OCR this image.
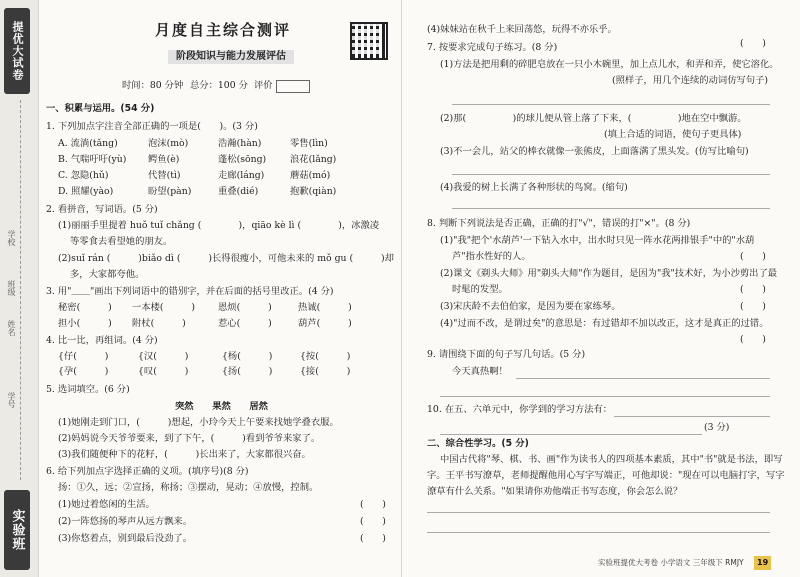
提优大试卷
学校
班级
姓名
学号
实验班
月度自主综合测评
阶段知识与能力发展评估
时间：80 分钟 总分：100 分 评价
一、积累与运用。(54 分)
1. 下列加点字注音全部正确的一项是(　　)。(3 分)
A. 流淌(tǎng)	泡沫(mò)	浩瀚(hàn)	零售(lìn)
B. 气喘吁吁(yù) 鳄鱼(è)	蓬松(sōng)	浪花(lǎng)
C. 忽隐(hǔ)	代替(tì)	走廊(láng)	蘑菇(mó)
D. 照耀(yào)	盼望(pàn)	重叠(dié)	抱歉(qiàn)
2. 看拼音，写词语。(5 分)
(1)丽丽手里提着 huǒ tuǐ chǎng (　　　　)，qiāo kè lì (　　　　)，冰激凌
等零食去看望她的朋友。
(2)suǐ rán (　　　)biǎo dì (　　　)长得很瘦小，可他未来的 mǒ gu (　　　)却
多，大家都夸他。
3. 用"＿＿"画出下列词语中的错别字，并在后面的括号里改正。(4 分)
秘密(　　　) 一本楼(　　　) 恩烦(　　　)	热诚(　　　)
担小(　　　) 附杖(　　　)	惹心(　　　)	葫芦(　　　)
4. 比一比，再组词。(4 分)
{仔(　　　)	{汉(　　　)	{杨(　　　)	{按(　　　)
{孕(　　　)	{叹(　　　)	{扬(　　　)	{接(　　　)
5. 选词填空。(6 分)
突然　　果然　　居然
(1)她刚走到门口，(　　　)想起，小玲今天上午要来找她学叠衣服。
(2)妈妈说今天爷爷要来，到了下午，(　　　)看到爷爷来家了。
(3)我们随便种下的花籽，(　　　)长出来了，大家都很兴奋。
6. 给下列加点字选择正确的义项。(填序号)(8 分)
扬：①久，远；②宣扬，称扬；③摆动，晃动；④放慢，控制。
(1)她过着悠闲的生活。	(　　)
(2)一阵悠扬的琴声从远方飘来。	(　　)
(3)你悠着点，别到最后没劲了。	(　　)
(4)妹妹站在秋千上来回荡悠，玩得不亦乐乎。
(　　)
7. 按要求完成句子练习。(8 分)
(1)方法是把用剩的碎肥皂放在一只小木碗里，加上点儿水，和弄和弄，使它溶化。
(照样子，用几个连续的动词仿写句子)
(2)那(　　　　　)的球儿便从管上落了下来，(　　　　　)地在空中飘游。
(填上合适的词语，使句子更具体)
(3)不一会儿，站父的棒衣就像一张熊皮，上面落满了黑头发。(仿写比喻句)
(4)我爱的树上长满了各种形状的鸟窝。(缩句)
8. 判断下列说法是否正确，正确的打"√"，错误的打"×"。(8 分)
(1)"我"把个'水葫芦'一下钻入水中，出水时只见一阵水花两排银手"中的"水葫
芦"指水性好的人。	(　　)
(2)课文《剃头大师》用"剃头大师"作为题目，是因为"我"技术好，为小沙剪出了最
时髦的发型。	(　　)
(3)宋庆龄不去伯伯家，是因为要在家练琴。	(　　)
(4)"过而不改，是谓过矣"的意思是：有过错却不加以改正，这才是真正的过错。
(　　)
9. 请围绕下面的句子写几句话。(5 分)
今天真热啊！
10. 在五、六单元中，你学到的学习方法有：
(3 分)
二、综合性学习。(5 分)
中国古代将"琴、棋、书、画"作为读书人的四项基本素质，其中"书"就是书法，即写
字。王平书写潦草，老师提醒他用心写字写端正，可他却说："现在可以电脑打字，写字
潦草有什么关系。"如果请你劝他端正书写态度，你会怎么说？
实验班提优大考卷 小学语文 三年级下 RMJY	19
